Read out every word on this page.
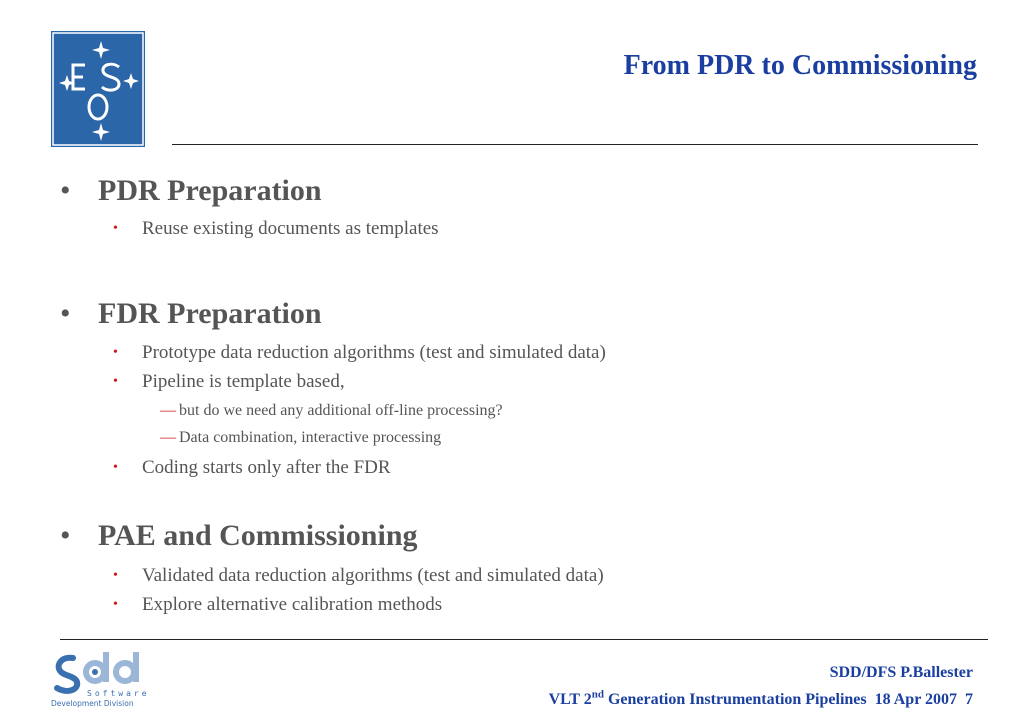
From PDR to Commissioning
• PDR Preparation
• Reuse existing documents as templates
• FDR Preparation
• Prototype data reduction algorithms (test and simulated data)
• Pipeline is template based,
— but do we need any additional off-line processing?
— Data combination, interactive processing
• Coding starts only after the FDR
• PAE and Commissioning
• Validated data reduction algorithms (test and simulated data)
• Explore alternative calibration methods
Software
Development Division
SDD/DFS P.Ballester
VLT 2nd Generation Instrumentation Pipelines  18 Apr 2007  7
